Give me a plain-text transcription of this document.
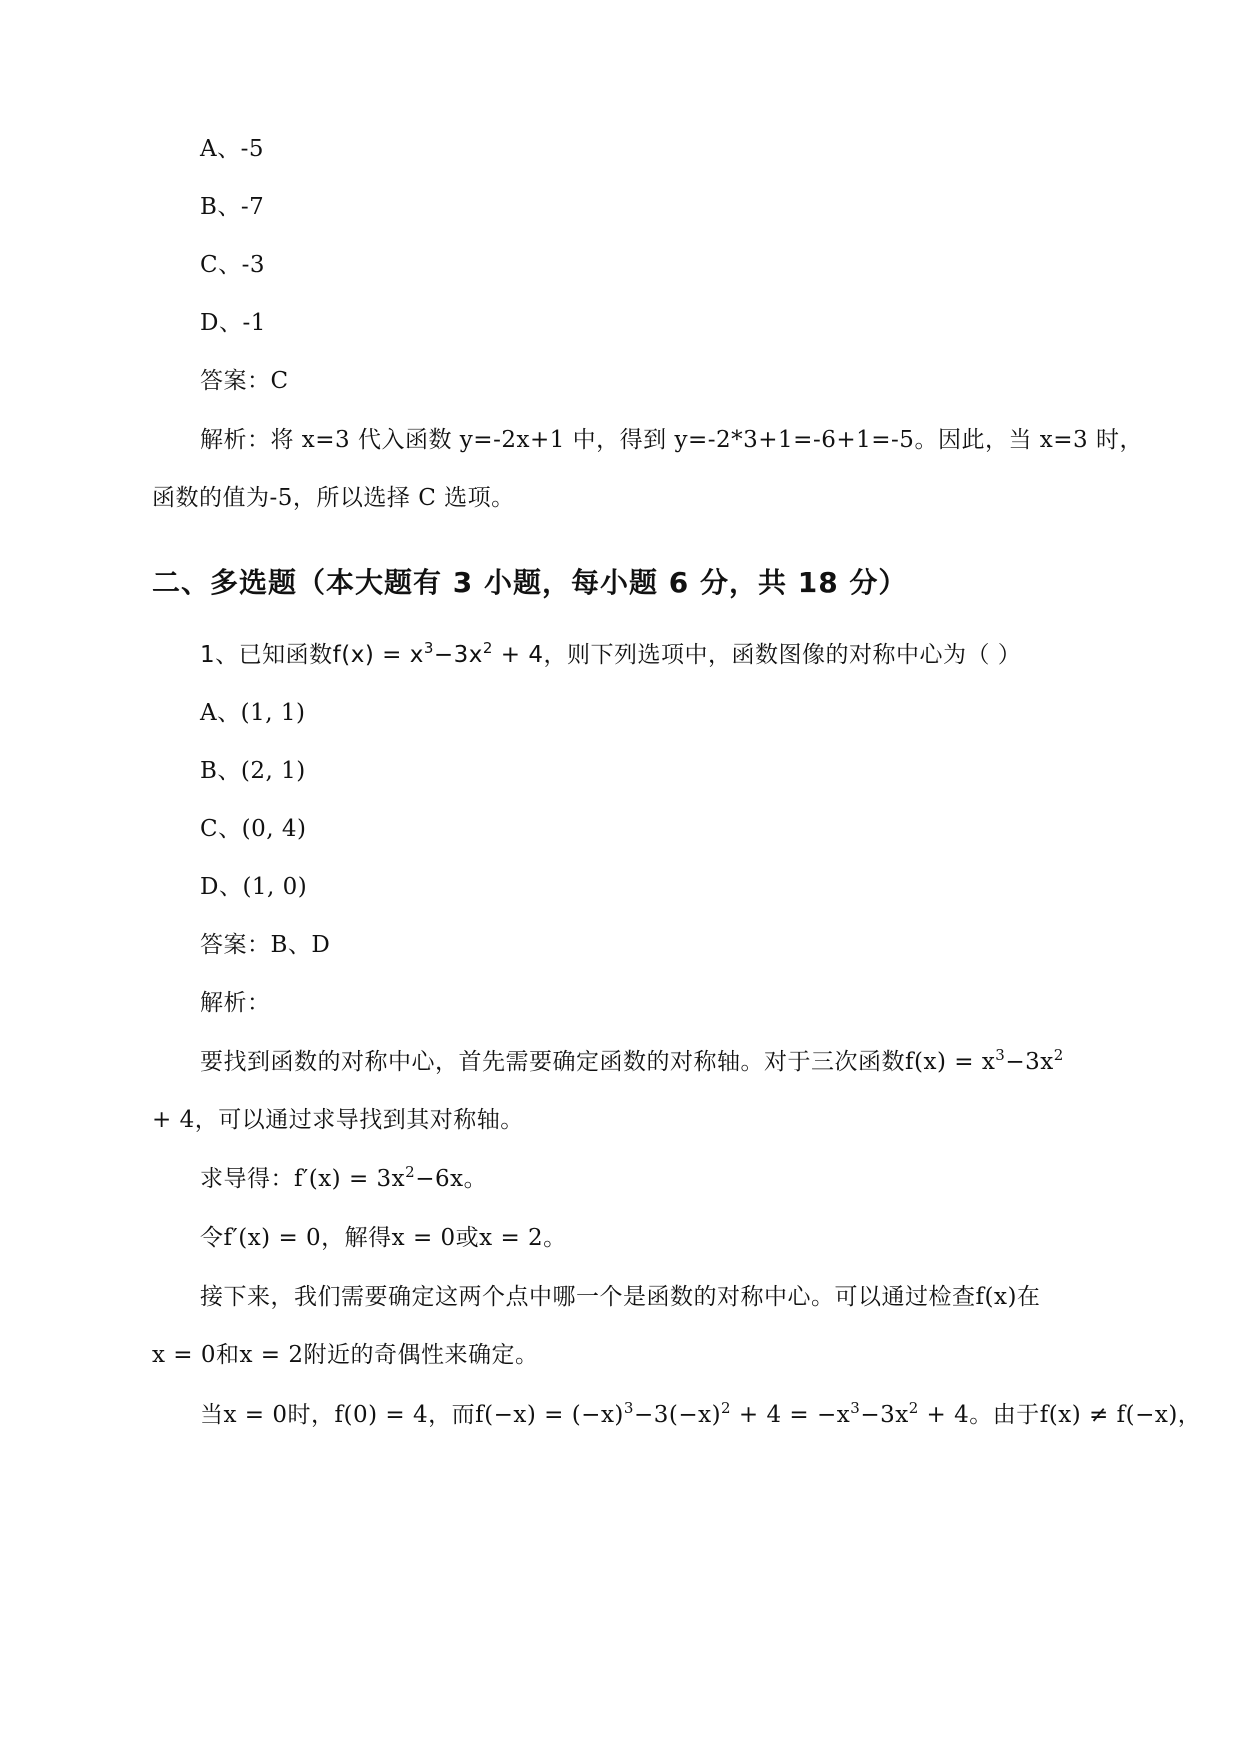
A、-5
B、-7
C、-3
D、-1
答案：C
解析：将 x=3 代入函数 y=-2x+1 中，得到 y=-2*3+1=-6+1=-5。因此，当 x=3 时，
函数的值为-5，所以选择 C 选项。
二、多选题（本大题有 3 小题，每小题 6 分，共 18 分）
1、已知函数$f(x) = x^3-3x^2 + 4$，则下列选项中，函数图像的对称中心为（ ）
A、(1, 1)
B、(2, 1)
C、(0, 4)
D、(1, 0)
答案：B、D
解析：
要找到函数的对称中心，首先需要确定函数的对称轴。对于三次函数$f(x) = x^3-3x^2$
+ 4，可以通过求导找到其对称轴。
求导得：$f'(x) = 3x^2-6x$。
令f′(x) = 0，解得x = 0或x = 2。
接下来，我们需要确定这两个点中哪一个是函数的对称中心。可以通过检查f(x)在
x = 0和x = 2附近的奇偶性来确定。
当x = 0时，f(0) = 4，而$f(-x) = (-x)^3-3(-x)^2 + 4 = -x^3-3x^2 + 4$。由于f(x) ≠ f(−x)，
